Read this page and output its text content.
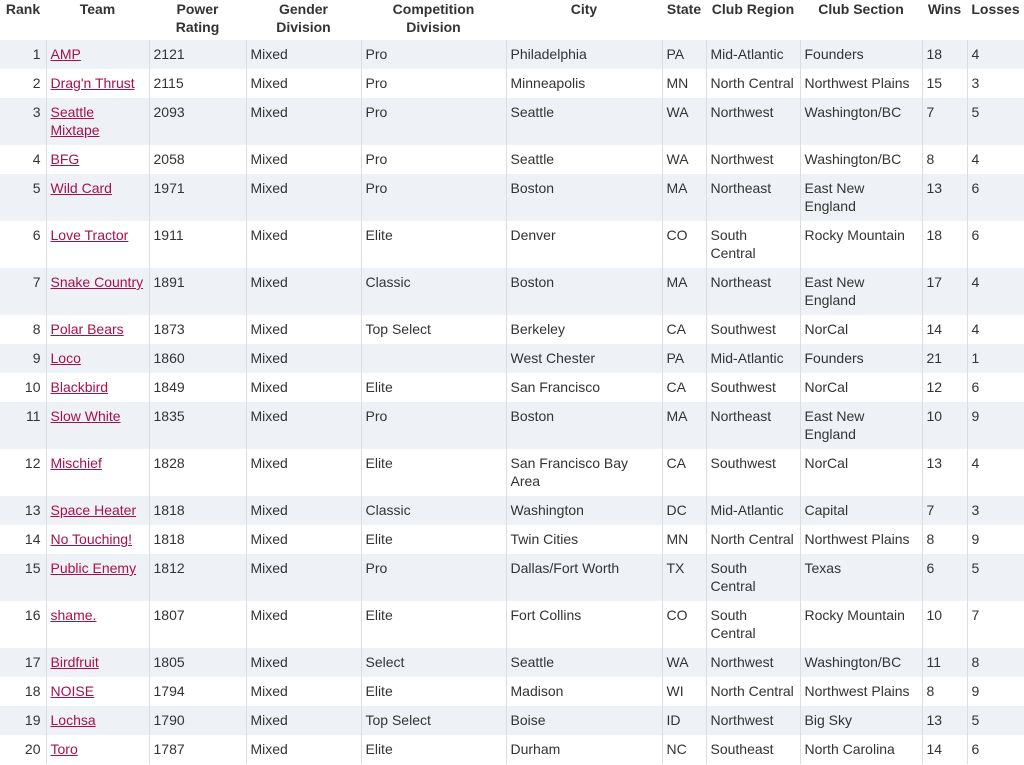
Rank	Team	Power Rating	Gender Division	Competition Division	City	State	Club Region	Club Section	Wins	Losses
1	AMP	2121	Mixed	Pro	Philadelphia	PA	Mid-Atlantic	Founders	18	4
2	Drag'n Thrust	2115	Mixed	Pro	Minneapolis	MN	North Central	Northwest Plains	15	3
3	Seattle Mixtape	2093	Mixed	Pro	Seattle	WA	Northwest	Washington/BC	7	5
4	BFG	2058	Mixed	Pro	Seattle	WA	Northwest	Washington/BC	8	4
5	Wild Card	1971	Mixed	Pro	Boston	MA	Northeast	East New England	13	6
6	Love Tractor	1911	Mixed	Elite	Denver	CO	South Central	Rocky Mountain	18	6
7	Snake Country	1891	Mixed	Classic	Boston	MA	Northeast	East New England	17	4
8	Polar Bears	1873	Mixed	Top Select	Berkeley	CA	Southwest	NorCal	14	4
9	Loco	1860	Mixed		West Chester	PA	Mid-Atlantic	Founders	21	1
10	Blackbird	1849	Mixed	Elite	San Francisco	CA	Southwest	NorCal	12	6
11	Slow White	1835	Mixed	Pro	Boston	MA	Northeast	East New England	10	9
12	Mischief	1828	Mixed	Elite	San Francisco Bay Area	CA	Southwest	NorCal	13	4
13	Space Heater	1818	Mixed	Classic	Washington	DC	Mid-Atlantic	Capital	7	3
14	No Touching!	1818	Mixed	Elite	Twin Cities	MN	North Central	Northwest Plains	8	9
15	Public Enemy	1812	Mixed	Pro	Dallas/Fort Worth	TX	South Central	Texas	6	5
16	shame.	1807	Mixed	Elite	Fort Collins	CO	South Central	Rocky Mountain	10	7
17	Birdfruit	1805	Mixed	Select	Seattle	WA	Northwest	Washington/BC	11	8
18	NOISE	1794	Mixed	Elite	Madison	WI	North Central	Northwest Plains	8	9
19	Lochsa	1790	Mixed	Top Select	Boise	ID	Northwest	Big Sky	13	5
20	Toro	1787	Mixed	Elite	Durham	NC	Southeast	North Carolina	14	6
